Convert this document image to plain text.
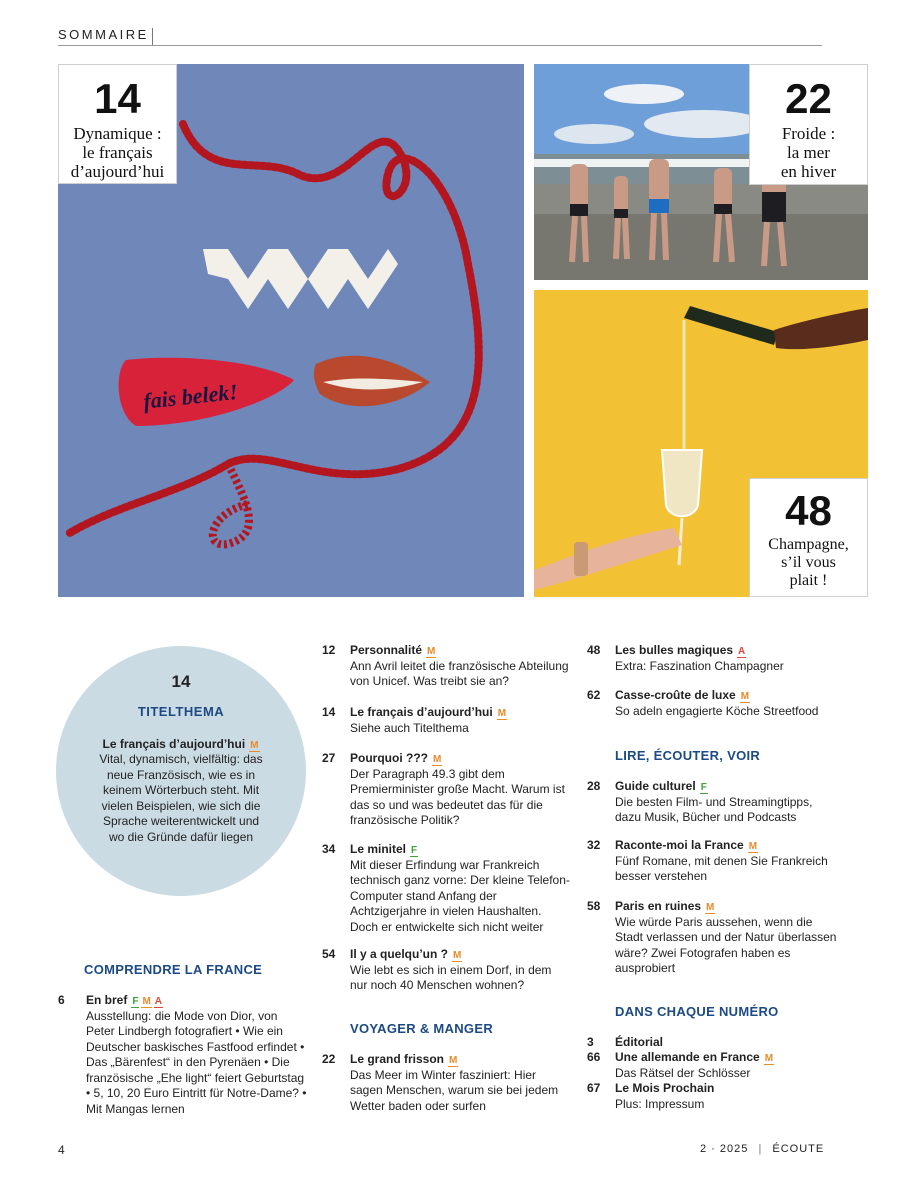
SOMMAIRE
fais belek!
14
Dynamique :
le français
d’aujourd’hui
22
Froide :
la mer
en hiver
48
Champagne,
s’il vous
plait !
14
TITELTHEMA
Le français d’aujourd’hui M
Vital, dynamisch, vielfältig: das neue Französisch, wie es in keinem Wörterbuch steht. Mit vielen Beispielen, wie sich die Sprache weiterentwickelt und wo die Gründe dafür liegen
COMPRENDRE LA FRANCE
6 En bref F M A
Ausstellung: die Mode von Dior, von Peter Lindbergh fotografiert • Wie ein Deutscher baskisches Fastfood erfindet • Das „Bärenfest“ in den Pyrenäen • Die französische „Ehe light“ feiert Geburtstag • 5, 10, 20 Euro Eintritt für Notre-Dame? • Mit Mangas lernen
12 Personnalité M
Ann Avril leitet die französische Abteilung von Unicef. Was treibt sie an?
14 Le français d’aujourd’hui M
Siehe auch Titelthema
27 Pourquoi ??? M
Der Paragraph 49.3 gibt dem Premierminister große Macht. Warum ist das so und was bedeutet das für die französische Politik?
34 Le minitel F
Mit dieser Erfindung war Frankreich technisch ganz vorne: Der kleine Telefon-Computer stand Anfang der Achtzigerjahre in vielen Haushalten. Doch er entwickelte sich nicht weiter
54 Il y a quelqu’un ? M
Wie lebt es sich in einem Dorf, in dem nur noch 40 Menschen wohnen?
VOYAGER & MANGER
22 Le grand frisson M
Das Meer im Winter fasziniert: Hier sagen Menschen, warum sie bei jedem Wetter baden oder surfen
48 Les bulles magiques A
Extra: Faszination Champagner
62 Casse-croûte de luxe M
So adeln engagierte Köche Streetfood
LIRE, ÉCOUTER, VOIR
28 Guide culturel F
Die besten Film- und Streamingtipps, dazu Musik, Bücher und Podcasts
32 Raconte-moi la France M
Fünf Romane, mit denen Sie Frankreich besser verstehen
58 Paris en ruines M
Wie würde Paris aussehen, wenn die Stadt verlassen und der Natur überlassen wäre? Zwei Fotografen haben es ausprobiert
DANS CHAQUE NUMÉRO
3 Éditorial
66 Une allemande en France M
Das Rätsel der Schlösser
67 Le Mois Prochain
Plus: Impressum
4	2 · 2025 | ÉCOUTE
